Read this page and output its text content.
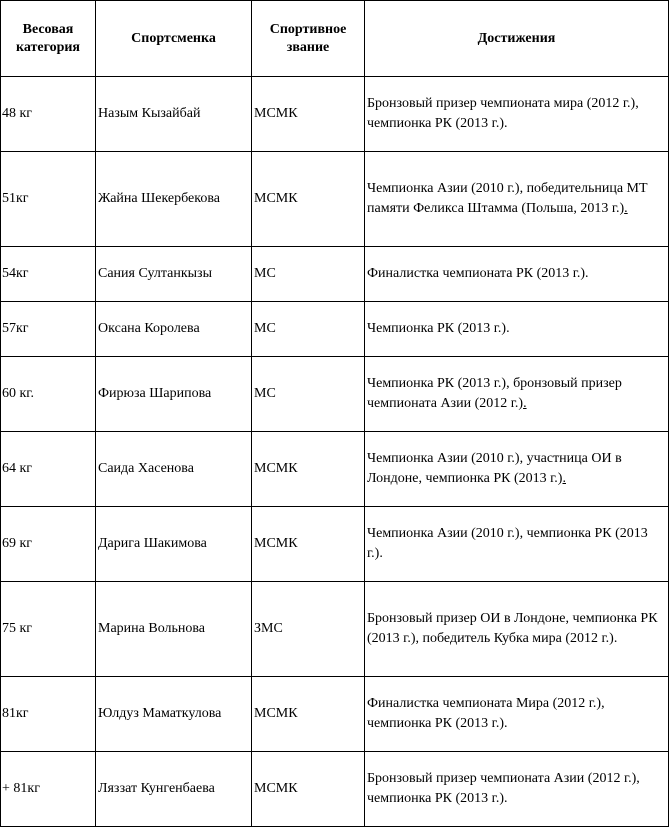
Весовая категория	Спортсменка	Спортивное звание	Достижения
48 кг	Назым Кызайбай	МСМК	Бронзовый призер чемпионата мира (2012 г.), чемпионка РК (2013 г.).
51кг	Жайна Шекербекова	МСМК	Чемпионка Азии (2010 г.), победительница МТ памяти Феликса Штамма (Польша, 2013 г.).
54кг	Сания Султанкызы	МС	Финалистка чемпионата РК (2013 г.).
57кг	Оксана Королева	МС	Чемпионка РК (2013 г.).
60 кг.	Фирюза Шарипова	МС	Чемпионка РК (2013 г.), бронзовый призер чемпионата Азии (2012 г.).
64 кг	Саида Хасенова	МСМК	Чемпионка Азии (2010 г.), участница ОИ в Лондоне, чемпионка РК (2013 г.).
69 кг	Дарига Шакимова	МСМК	Чемпионка Азии (2010 г.), чемпионка РК (2013 г.).
75 кг	Марина Вольнова	ЗМС	Бронзовый призер ОИ в Лондоне, чемпионка РК (2013 г.), победитель Кубка мира (2012 г.).
81кг	Юлдуз Маматкулова	МСМК	Финалистка чемпионата Мира (2012 г.), чемпионка РК (2013 г.).
+ 81кг	Ляззат Кунгенбаева	МСМК	Бронзовый призер чемпионата Азии (2012 г.), чемпионка РК (2013 г.).
